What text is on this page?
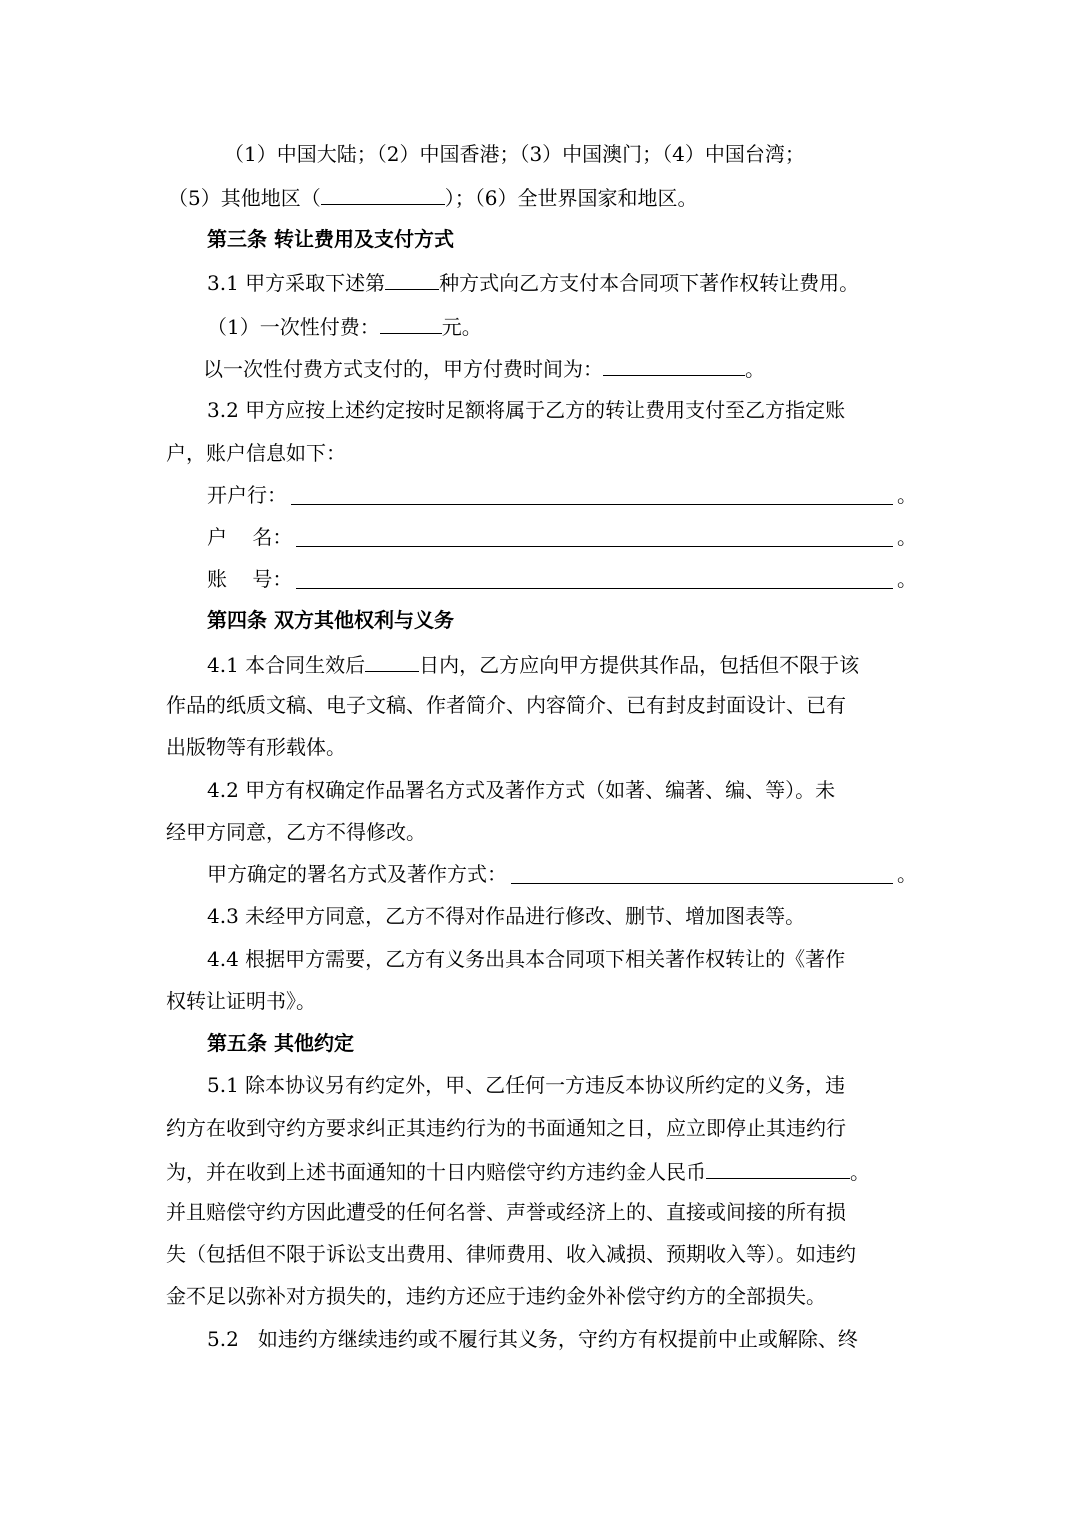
（1）中国大陆；（2）中国香港；（3）中国澳门；（4）中国台湾；
（5）其他地区（	）；（6）全世界国家和地区。
第三条 转让费用及支付方式
3.1 甲方采取下述第	种方式向乙方支付本合同项下著作权转让费用。
（1）一次性付费：	元。
以一次性付费方式支付的，甲方付费时间为：	。
3.2 甲方应按上述约定按时足额将属于乙方的转让费用支付至乙方指定账
户，账户信息如下：
开户行：	。
户    名：	。
账    号：	。
第四条 双方其他权利与义务
4.1 本合同生效后	日内，乙方应向甲方提供其作品，包括但不限于该
作品的纸质文稿、电子文稿、作者简介、内容简介、已有封皮封面设计、已有
出版物等有形载体。
4.2 甲方有权确定作品署名方式及著作方式（如著、编著、编、等）。未
经甲方同意，乙方不得修改。
甲方确定的署名方式及著作方式：	。
4.3 未经甲方同意，乙方不得对作品进行修改、删节、增加图表等。
4.4 根据甲方需要，乙方有义务出具本合同项下相关著作权转让的《著作
权转让证明书》。
第五条 其他约定
5.1 除本协议另有约定外，甲、乙任何一方违反本协议所约定的义务，违
约方在收到守约方要求纠正其违约行为的书面通知之日，应立即停止其违约行
为，并在收到上述书面通知的十日内赔偿守约方违约金人民币	。
并且赔偿守约方因此遭受的任何名誉、声誉或经济上的、直接或间接的所有损
失（包括但不限于诉讼支出费用、律师费用、收入减损、预期收入等）。如违约
金不足以弥补对方损失的，违约方还应于违约金外补偿守约方的全部损失。
5.2   如违约方继续违约或不履行其义务，守约方有权提前中止或解除、终
